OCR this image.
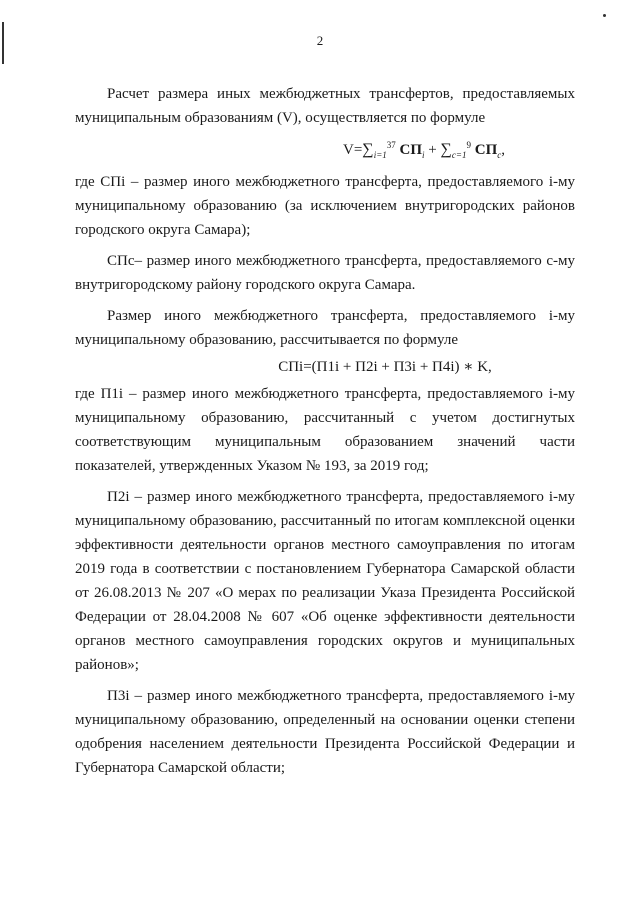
2

Расчет размера иных межбюджетных трансфертов, предоставляемых муниципальным образованиям (V), осуществляется по формуле

$V=\sum_{i=1}^{37}$ $СП_i + \sum_{c=1}^9$ $СП_c$,

где СПi – размер иного межбюджетного трансферта, предоставляемого i-му муниципальному образованию (за исключением внутригородских районов городского округа Самара);

СПс– размер иного межбюджетного трансферта, предоставляемого с-му внутригородскому району городского округа Самара.

Размер иного межбюджетного трансферта, предоставляемого i-му муниципальному образованию, рассчитывается по формуле

СПi=(П1i + П2i + П3i + П4i) ∗ K,

где П1i – размер иного межбюджетного трансферта, предоставляемого i-му муниципальному образованию, рассчитанный с учетом достигнутых соответствующим муниципальным образованием значений части показателей, утвержденных Указом № 193, за 2019 год;

П2i – размер иного межбюджетного трансферта, предоставляемого i-му муниципальному образованию, рассчитанный по итогам комплексной оценки эффективности деятельности органов местного самоуправления по итогам 2019 года в соответствии с постановлением Губернатора Самарской области от 26.08.2013 № 207 «О мерах по реализации Указа Президента Российской Федерации от 28.04.2008 № 607 «Об оценке эффективности деятельности органов местного самоуправления городских округов и муниципальных районов»;

П3i – размер иного межбюджетного трансферта, предоставляемого i-му муниципальному образованию, определенный на основании оценки степени одобрения населением деятельности Президента Российской Федерации и Губернатора Самарской области;
